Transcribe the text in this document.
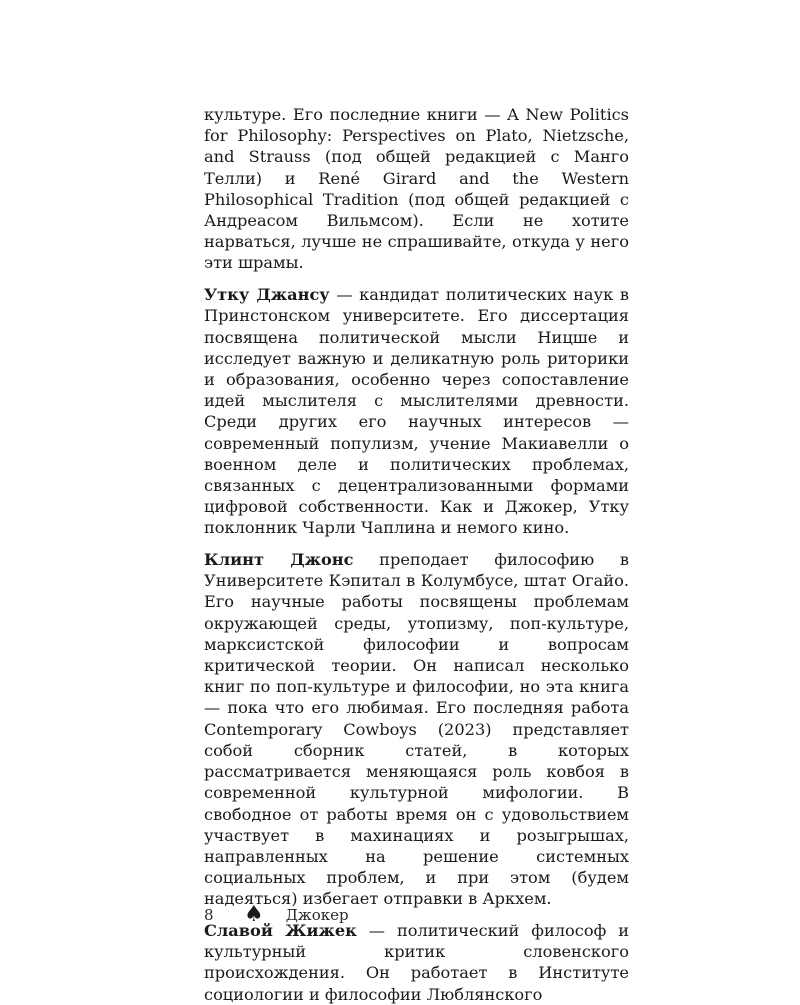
культуре. Его последние книги — A New Politics for Philosophy: Perspectives on Plato, Nietzsche, and Strauss (под общей редакцией с Манго Телли) и René Girard and the Western Philosophical Tradition (под общей редакцией с Андреасом Вильмсом). Если не хотите нарваться, лучше не спрашивайте, откуда у него эти шрамы.

Утку Джансу — кандидат политических наук в Принстонском университете. Его диссертация посвящена политической мысли Ницше и исследует важную и деликатную роль риторики и образования, особенно через сопоставление идей мыслителя с мыслителями древности. Среди других его научных интересов — современный популизм, учение Макиавелли о военном деле и политических проблемах, связанных с децентрализованными формами цифровой собственности. Как и Джокер, Утку поклонник Чарли Чаплина и немого кино.

Клинт Джонс преподает философию в Университете Кэпитал в Колумбусе, штат Огайо. Его научные работы посвящены проблемам окружающей среды, утопизму, поп-культуре, марксистской философии и вопросам критической теории. Он написал несколько книг по поп-культуре и философии, но эта книга — пока что его любимая. Его последняя работа Contemporary Cowboys (2023) представляет собой сборник статей, в которых рассматривается меняющаяся роль ковбоя в современной культурной мифологии. В свободное от работы время он с удовольствием участвует в махинациях и розыгрышах, направленных на решение системных социальных проблем, и при этом (будем надеяться) избегает отправки в Аркхем.

Славой Жижек — политический философ и культурный критик словенского происхождения. Он работает в Институте социологии и философии Люблянского

8 ♠ Джокер
